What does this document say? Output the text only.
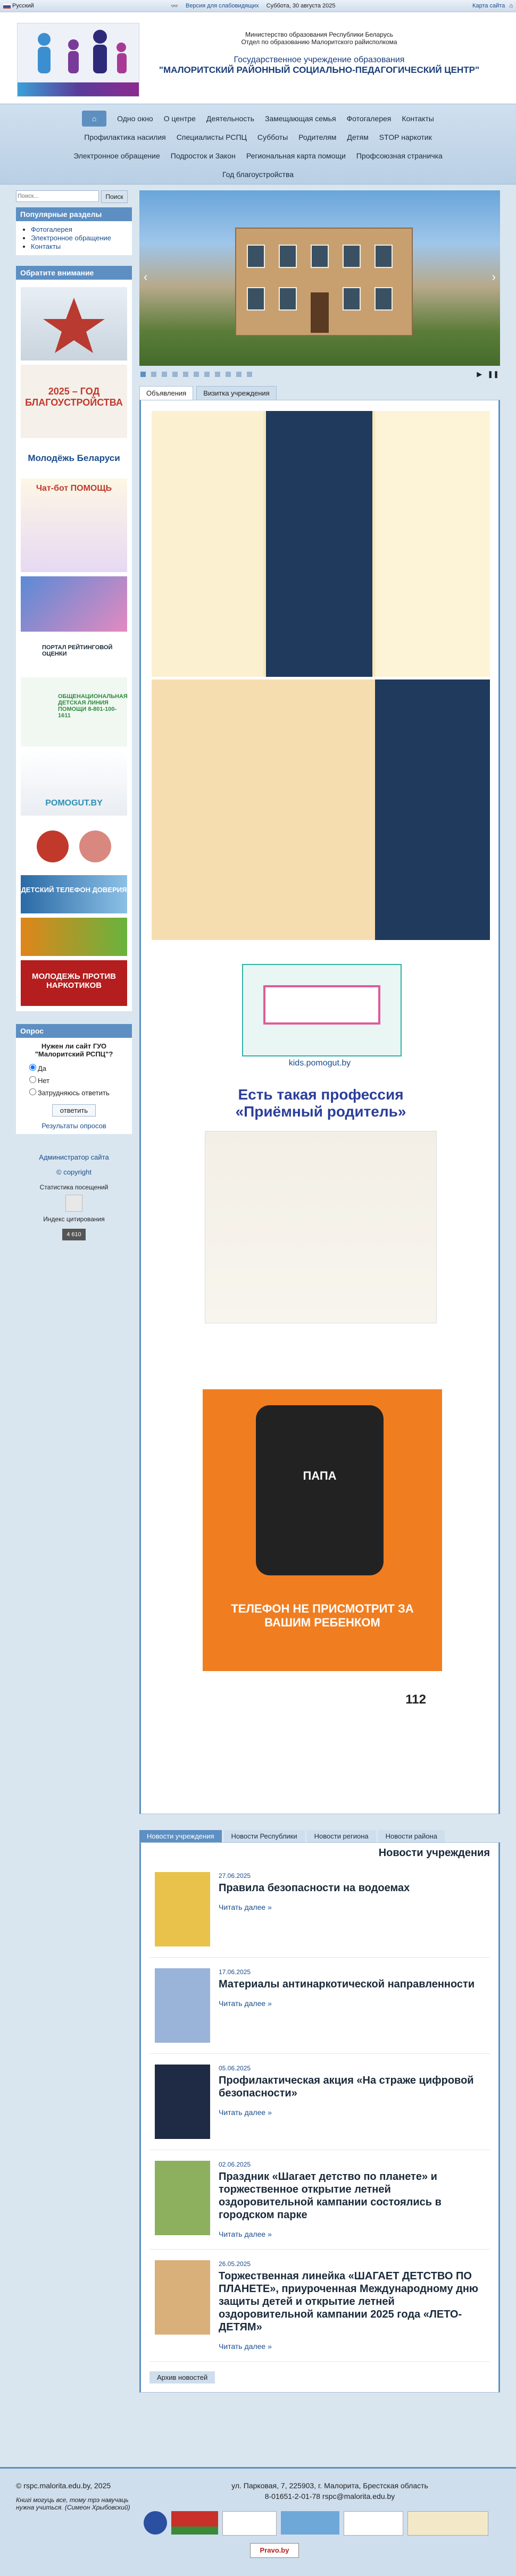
Русский	👓 Версия для слабовидящих Суббота, 30 августа 2025	Карта сайта ⌂
Министерство образования Республики Беларусь
Отдел по образованию Малоритского райисполкома
Государственное учреждение образования
"МАЛОРИТСКИЙ РАЙОННЫЙ СОЦИАЛЬНО-ПЕДАГОГИЧЕСКИЙ ЦЕНТР"
⌂	Одно окно	О центре	Деятельность	Замещающая семья	Фотогалерея	Контакты
Профилактика насилия	Специалисты РСПЦ	Субботы	Родителям	Детям	STOP наркотик
Электронное обращение	Подросток и Закон	Региональная карта помощи	Профсоюзная страничка
Год благоустройства
Поиск...
Поиск
Популярные разделы
• Фотогалерея
• Электронное обращение
• Контакты
Обратите внимание
2025 – ГОД БЛАГОУСТРОЙСТВА
Молодёжь Беларуси
Чат-бот ПОМОЩЬ
ПОРТАЛ РЕЙТИНГОВОЙ ОЦЕНКИ
ОБЩЕНАЦИОНАЛЬНАЯ ДЕТСКАЯ ЛИНИЯ ПОМОЩИ 8-801-100-1611
POMOGUT.BY
ДЕТСКИЙ ТЕЛЕФОН ДОВЕРИЯ
МОЛОДЕЖЬ ПРОТИВ НАРКОТИКОВ
Опрос
Нужен ли сайт ГУО "Малоритский РСПЦ"?
Да
Нет
Затрудняюсь ответить
ответить
Результаты опросов
Администратор сайта
© copyright

Статистика посещений
Индекс цитирования
4 610
‹	›
▶ ❚❚
Объявления	Визитка учреждения
kids.pomogut.by
Есть такая профессия
«Приёмный родитель»
ПАПА
ТЕЛЕФОН НЕ ПРИСМОТРИТ ЗА ВАШИМ РЕБЕНКОМ
112
Новости учреждения	Новости Республики	Новости региона	Новости района
Новости учреждения
27.06.2025
Правила безопасности на водоемах
Читать далее »
17.06.2025
Материалы антинаркотической направленности
Читать далее »
05.06.2025
Профилактическая акция «На страже цифровой безопасности»
Читать далее »
02.06.2025
Праздник «Шагает детство по планете» и торжественное открытие летней оздоровительной кампании состоялись в городском парке
Читать далее »
26.05.2025
Торжественная линейка «ШАГАЕТ ДЕТСТВО ПО ПЛАНЕТЕ», приуроченная Международному дню защиты детей и открытие летней оздоровительной кампании 2025 года «ЛЕТО-ДЕТЯМ»
Читать далее »
Архив новостей
© rspc.malorita.edu.by, 2025
Книгі могуць все, тому трэ навучаць нужна учиться. (Симеон Хрыбовский)
ул. Парковая, 7, 225903, г. Малорита, Брестская область
8-01651-2-01-78 rspc@malorita.edu.by
Pravo.by
